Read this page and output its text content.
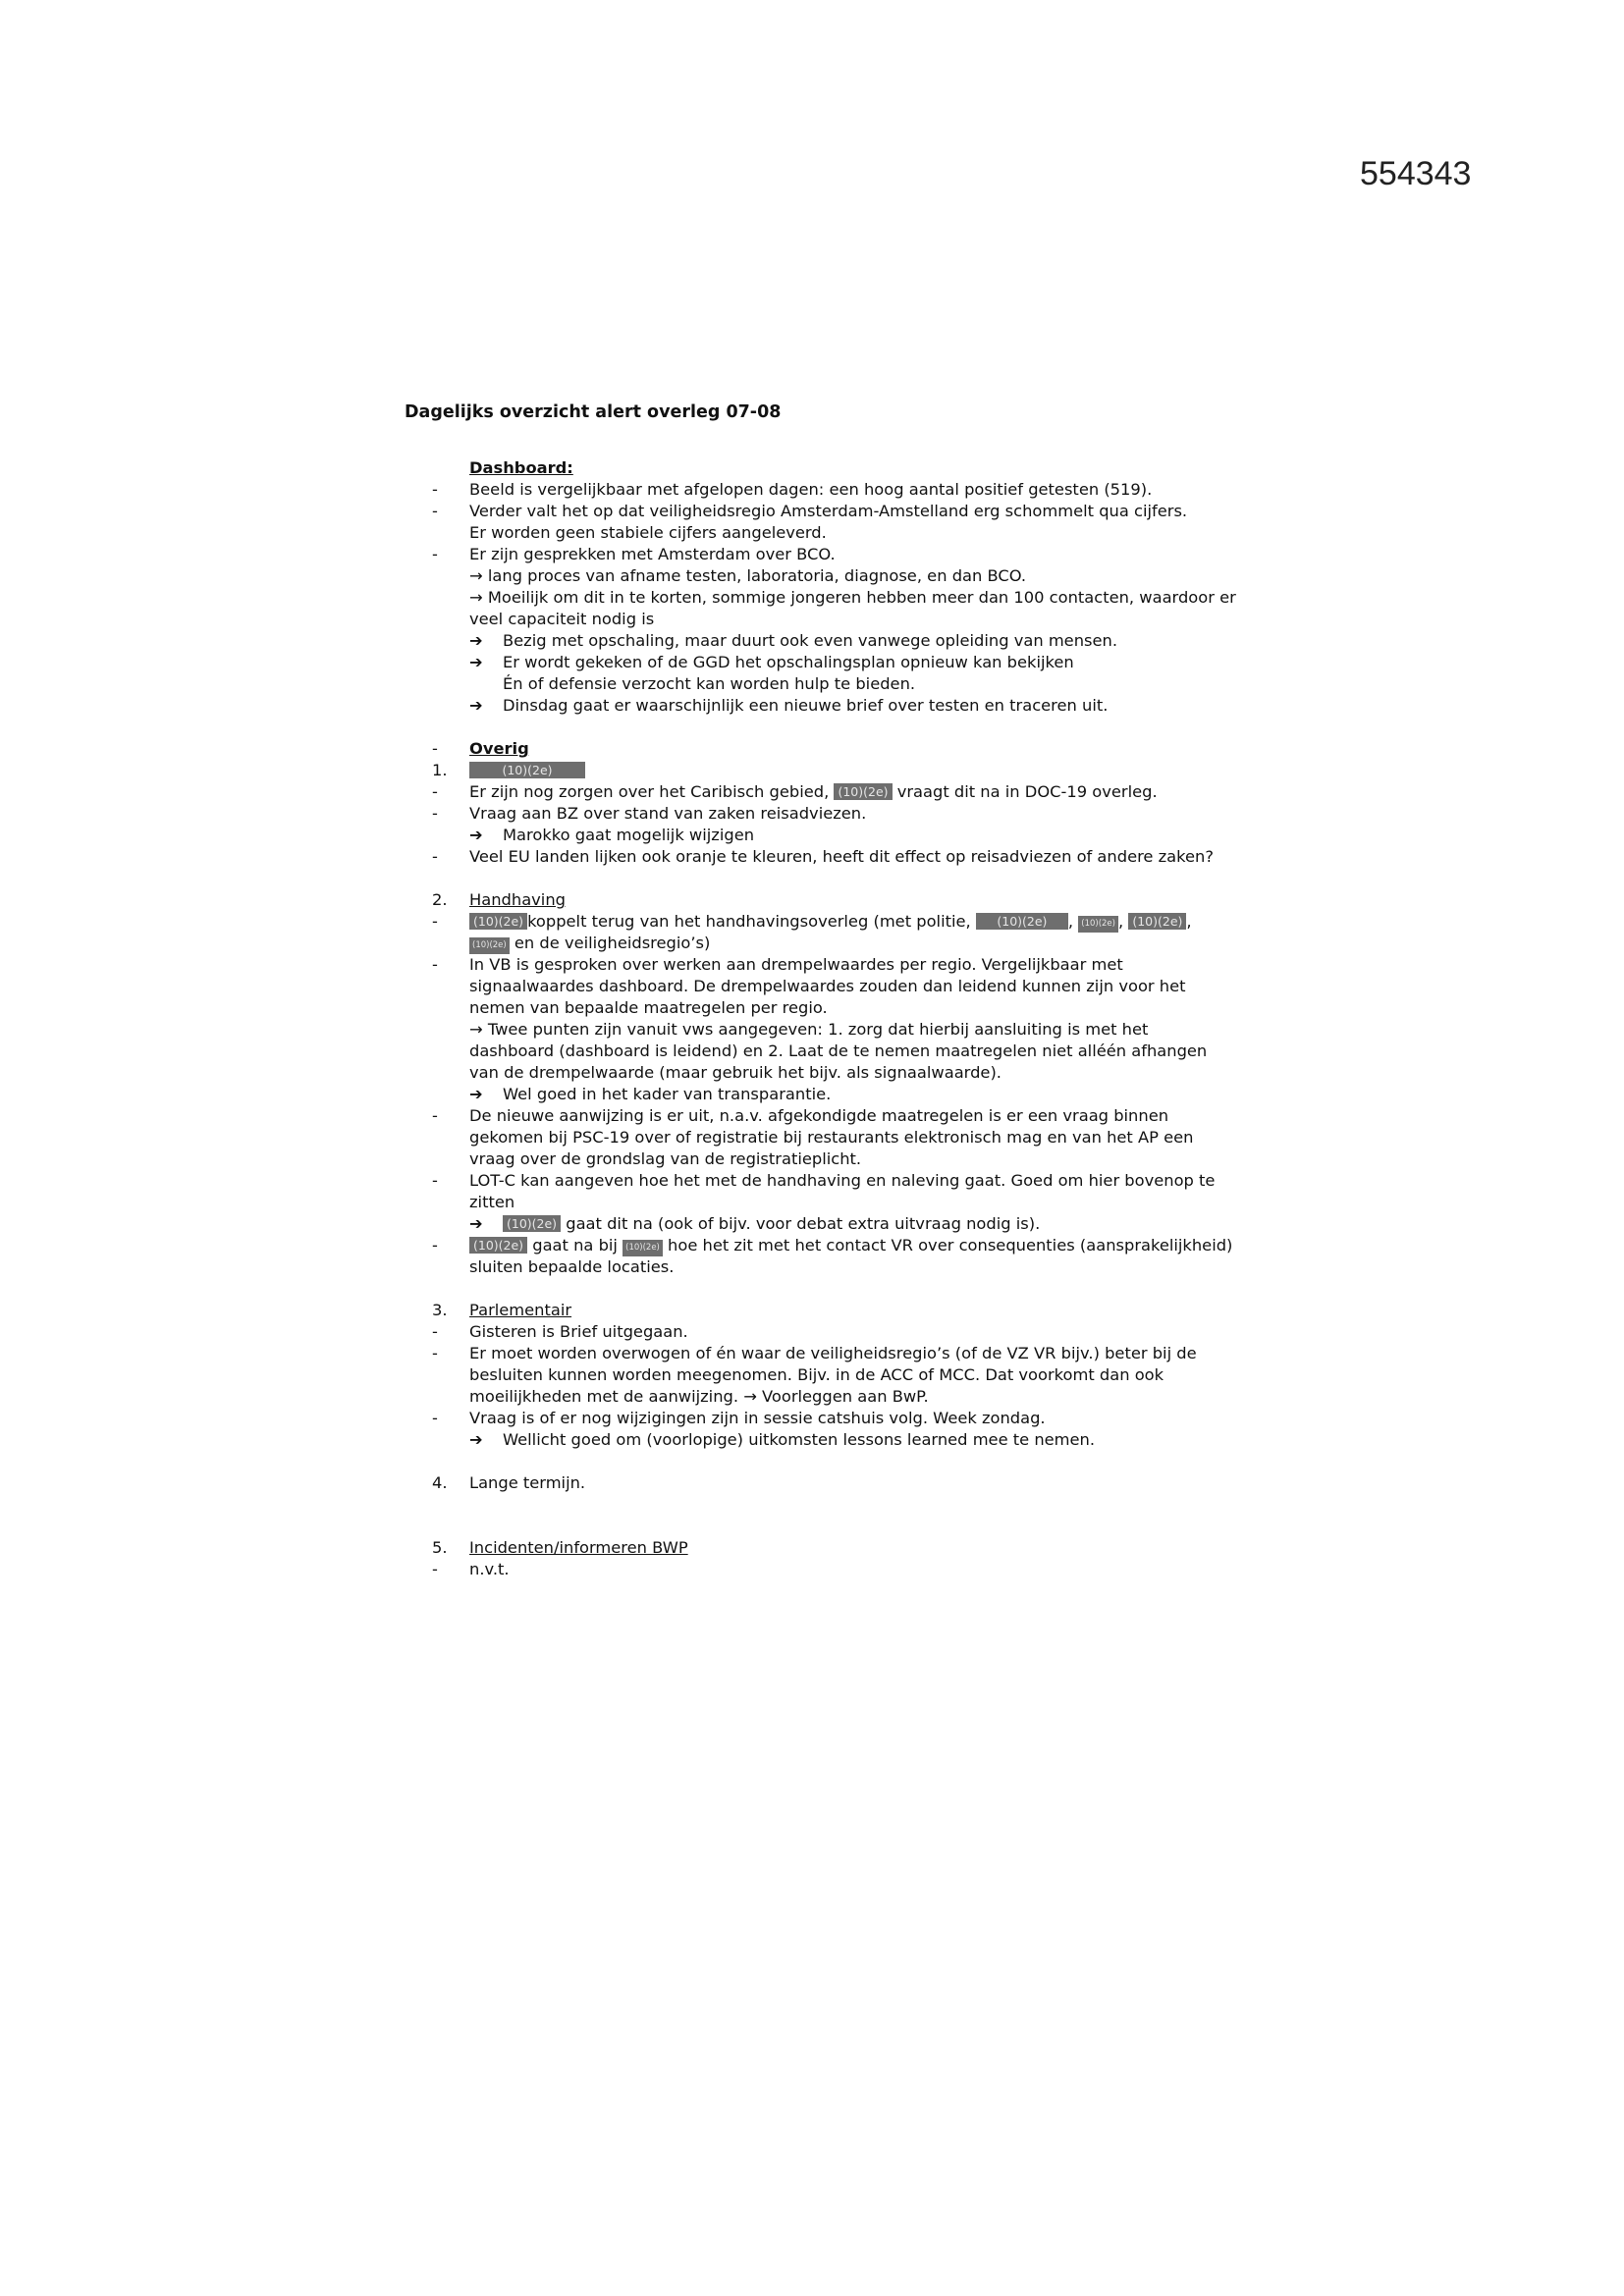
554343
Dagelijks overzicht alert overleg 07-08
Dashboard:
-	Beeld is vergelijkbaar met afgelopen dagen: een hoog aantal positief getesten (519).
-	Verder valt het op dat veiligheidsregio Amsterdam-Amstelland erg schommelt qua cijfers.
Er worden geen stabiele cijfers aangeleverd.
-	Er zijn gesprekken met Amsterdam over BCO.
→ lang proces van afname testen, laboratoria, diagnose, en dan BCO.
→ Moeilijk om dit in te korten, sommige jongeren hebben meer dan 100 contacten, waardoor er veel capaciteit nodig is
➔ Bezig met opschaling, maar duurt ook even vanwege opleiding van mensen.
➔ Er wordt gekeken of de GGD het opschalingsplan opnieuw kan bekijken
Én of defensie verzocht kan worden hulp te bieden.
➔ Dinsdag gaat er waarschijnlijk een nieuwe brief over testen en traceren uit.
-	Overig
1.	(10)(2e)
-	Er zijn nog zorgen over het Caribisch gebied, (10)(2e) vraagt dit na in DOC-19 overleg.
-	Vraag aan BZ over stand van zaken reisadviezen.
➔ Marokko gaat mogelijk wijzigen
-	Veel EU landen lijken ook oranje te kleuren, heeft dit effect op reisadviezen of andere zaken?
2.	Handhaving
-	(10)(2e) koppelt terug van het handhavingsoverleg (met politie, (10)(2e) , (10)(2e) , (10)(2e) ,
(10)(2e) en de veiligheidsregio’s)
-	In VB is gesproken over werken aan drempelwaardes per regio. Vergelijkbaar met signaalwaardes dashboard. De drempelwaardes zouden dan leidend kunnen zijn voor het nemen van bepaalde maatregelen per regio.
→ Twee punten zijn vanuit vws aangegeven: 1. zorg dat hierbij aansluiting is met het dashboard (dashboard is leidend) en 2. Laat de te nemen maatregelen niet alléén afhangen van de drempelwaarde (maar gebruik het bijv. als signaalwaarde).
➔ Wel goed in het kader van transparantie.
-	De nieuwe aanwijzing is er uit, n.a.v. afgekondigde maatregelen is er een vraag binnen gekomen bij PSC-19 over of registratie bij restaurants elektronisch mag en van het AP een vraag over de grondslag van de registratieplicht.
-	LOT-C kan aangeven hoe het met de handhaving en naleving gaat. Goed om hier bovenop te zitten
➔ (10)(2e) gaat dit na (ook of bijv. voor debat extra uitvraag nodig is).
-	(10)(2e) gaat na bij (10)(2e) hoe het zit met het contact VR over consequenties (aansprakelijkheid) sluiten bepaalde locaties.
3.	Parlementair
-	Gisteren is Brief uitgegaan.
-	Er moet worden overwogen of én waar de veiligheidsregio’s (of de VZ VR bijv.) beter bij de besluiten kunnen worden meegenomen. Bijv. in de ACC of MCC. Dat voorkomt dan ook moeilijkheden met de aanwijzing. → Voorleggen aan BwP.
-	Vraag is of er nog wijzigingen zijn in sessie catshuis volg. Week zondag.
➔ Wellicht goed om (voorlopige) uitkomsten lessons learned mee te nemen.
4.	Lange termijn.
5.	Incidenten/informeren BWP
-	n.v.t.
